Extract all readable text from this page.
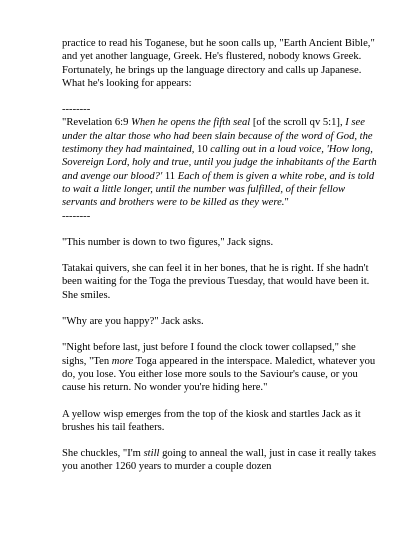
practice to read his Toganese, but he soon calls up, "Earth Ancient Bible," and yet another language, Greek. He's flustered, nobody knows Greek. Fortunately, he brings up the language directory and calls up Japanese. What he's looking for appears:

--------
"Revelation 6:9 When he opens the fifth seal [of the scroll qv 5:1], I see under the altar those who had been slain because of the word of God, the testimony they had maintained, 10 calling out in a loud voice, 'How long, Sovereign Lord, holy and true, until you judge the inhabitants of the Earth and avenge our blood?' 11 Each of them is given a white robe, and is told to wait a little longer, until the number was fulfilled, of their fellow servants and brothers were to be killed as they were."
--------

"This number is down to two figures," Jack signs.

Tatakai quivers, she can feel it in her bones, that he is right. If she hadn't been waiting for the Toga the previous Tuesday, that would have been it. She smiles.

"Why are you happy?" Jack asks.

"Night before last, just before I found the clock tower collapsed," she sighs, "Ten more Toga appeared in the interspace. Maledict, whatever you do, you lose. You either lose more souls to the Saviour's cause, or you cause his return. No wonder you're hiding here."

A yellow wisp emerges from the top of the kiosk and startles Jack as it brushes his tail feathers.

She chuckles, "I'm still going to anneal the wall, just in case it really takes you another 1260 years to murder a couple dozen
